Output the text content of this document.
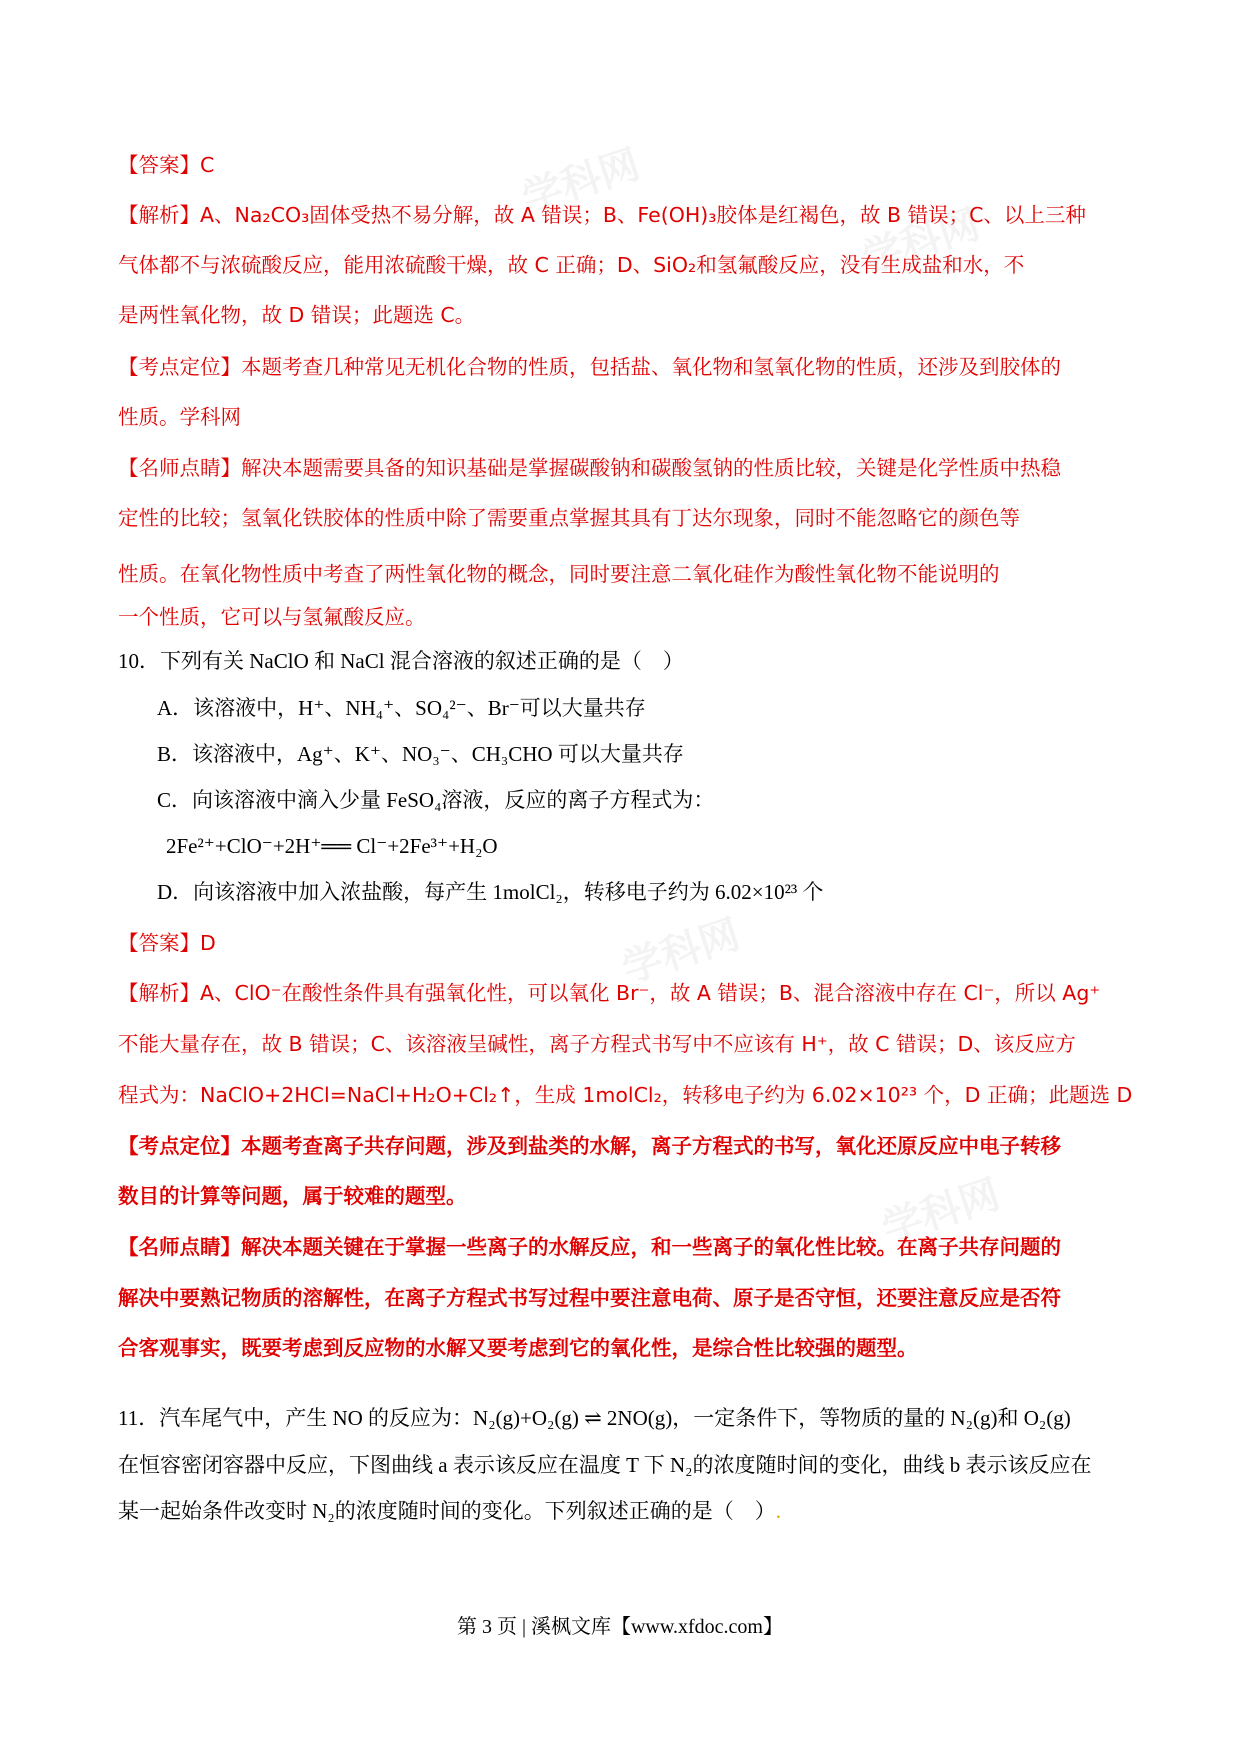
学科网
学科网
学科网
学科网
【答案】C
【解析】A、Na₂CO₃固体受热不易分解，故 A 错误；B、Fe(OH)₃胶体是红褐色，故 B 错误；C、以上三种
气体都不与浓硫酸反应，能用浓硫酸干燥，故 C 正确；D、SiO₂和氢氟酸反应，没有生成盐和水，不
是两性氧化物，故 D 错误；此题选 C。
【考点定位】本题考查几种常见无机化合物的性质，包括盐、氧化物和氢氧化物的性质，还涉及到胶体的
性质。学科网
【名师点睛】解决本题需要具备的知识基础是掌握碳酸钠和碳酸氢钠的性质比较，关键是化学性质中热稳
定性的比较；氢氧化铁胶体的性质中除了需要重点掌握其具有丁达尔现象，同时不能忽略它的颜色等
性质。在氧化物性质中考查了两性氧化物的概念，同时要注意二氧化硅作为酸性氧化物不能说明的
一个性质，它可以与氢氟酸反应。
10．下列有关 NaClO 和 NaCl 混合溶液的叙述正确的是（　）
A．该溶液中，H⁺、NH₄⁺、SO₄²⁻、Br⁻可以大量共存
B．该溶液中，Ag⁺、K⁺、NO₃⁻、CH₃CHO 可以大量共存
C．向该溶液中滴入少量 FeSO₄溶液，反应的离子方程式为：
2Fe²⁺+ClO⁻+2H⁺══ Cl⁻+2Fe³⁺+H₂O
D．向该溶液中加入浓盐酸，每产生 1molCl₂，转移电子约为 6.02×10²³ 个
【答案】D
【解析】A、ClO⁻在酸性条件具有强氧化性，可以氧化 Br⁻，故 A 错误；B、混合溶液中存在 Cl⁻，所以 Ag⁺
不能大量存在，故 B 错误；C、该溶液呈碱性，离子方程式书写中不应该有 H⁺，故 C 错误；D、该反应方
程式为：NaClO+2HCl=NaCl+H₂O+Cl₂↑，生成 1molCl₂，转移电子约为 6.02×10²³ 个，D 正确；此题选 D
【考点定位】本题考查离子共存问题，涉及到盐类的水解，离子方程式的书写，氧化还原反应中电子转移
数目的计算等问题，属于较难的题型。
【名师点睛】解决本题关键在于掌握一些离子的水解反应，和一些离子的氧化性比较。在离子共存问题的
解决中要熟记物质的溶解性，在离子方程式书写过程中要注意电荷、原子是否守恒，还要注意反应是否符
合客观事实，既要考虑到反应物的水解又要考虑到它的氧化性，是综合性比较强的题型。
11．汽车尾气中，产生 NO 的反应为：N₂(g)+O₂(g) ⇌ 2NO(g)，一定条件下，等物质的量的 N₂(g)和 O₂(g)
在恒容密闭容器中反应，下图曲线 a 表示该反应在温度 T 下 N₂的浓度随时间的变化，曲线 b 表示该反应在
某一起始条件改变时 N₂的浓度随时间的变化。下列叙述正确的是（　）.
第 3 页 | 溪枫文库【www.xfdoc.com】
